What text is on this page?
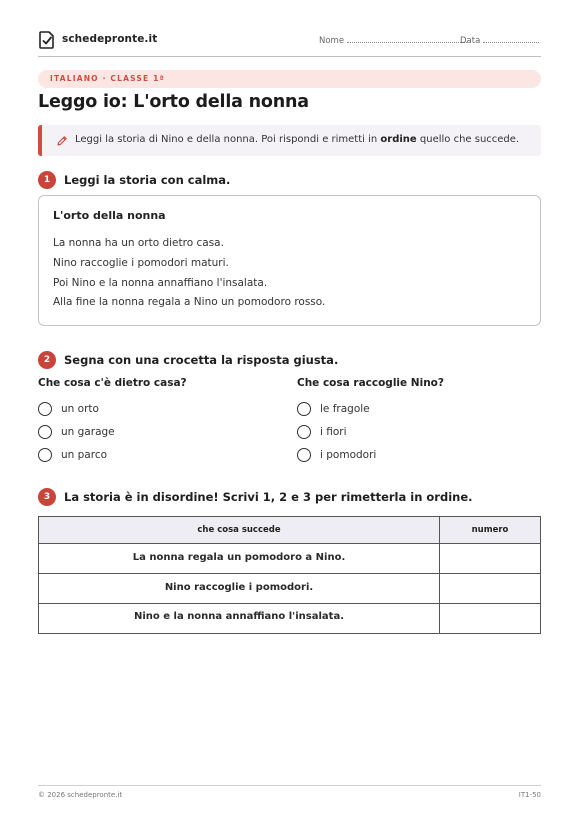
schedepronte.it	Nome	Data
ITALIANO · CLASSE 1ª
Leggo io: L'orto della nonna
Leggi la storia di Nino e della nonna. Poi rispondi e rimetti in ordine quello che succede.
1	Leggi la storia con calma.
L'orto della nonna
La nonna ha un orto dietro casa.
Nino raccoglie i pomodori maturi.
Poi Nino e la nonna annaffiano l'insalata.
Alla fine la nonna regala a Nino un pomodoro rosso.
2	Segna con una crocetta la risposta giusta.
Che cosa c'è dietro casa?	Che cosa raccoglie Nino?
un orto
un garage
un parco
le fragole
i fiori
i pomodori
3	La storia è in disordine! Scrivi 1, 2 e 3 per rimetterla in ordine.
che cosa succede	numero
La nonna regala un pomodoro a Nino.
Nino raccoglie i pomodori.
Nino e la nonna annaffiano l'insalata.
© 2026 schedepronte.it	IT1-50
